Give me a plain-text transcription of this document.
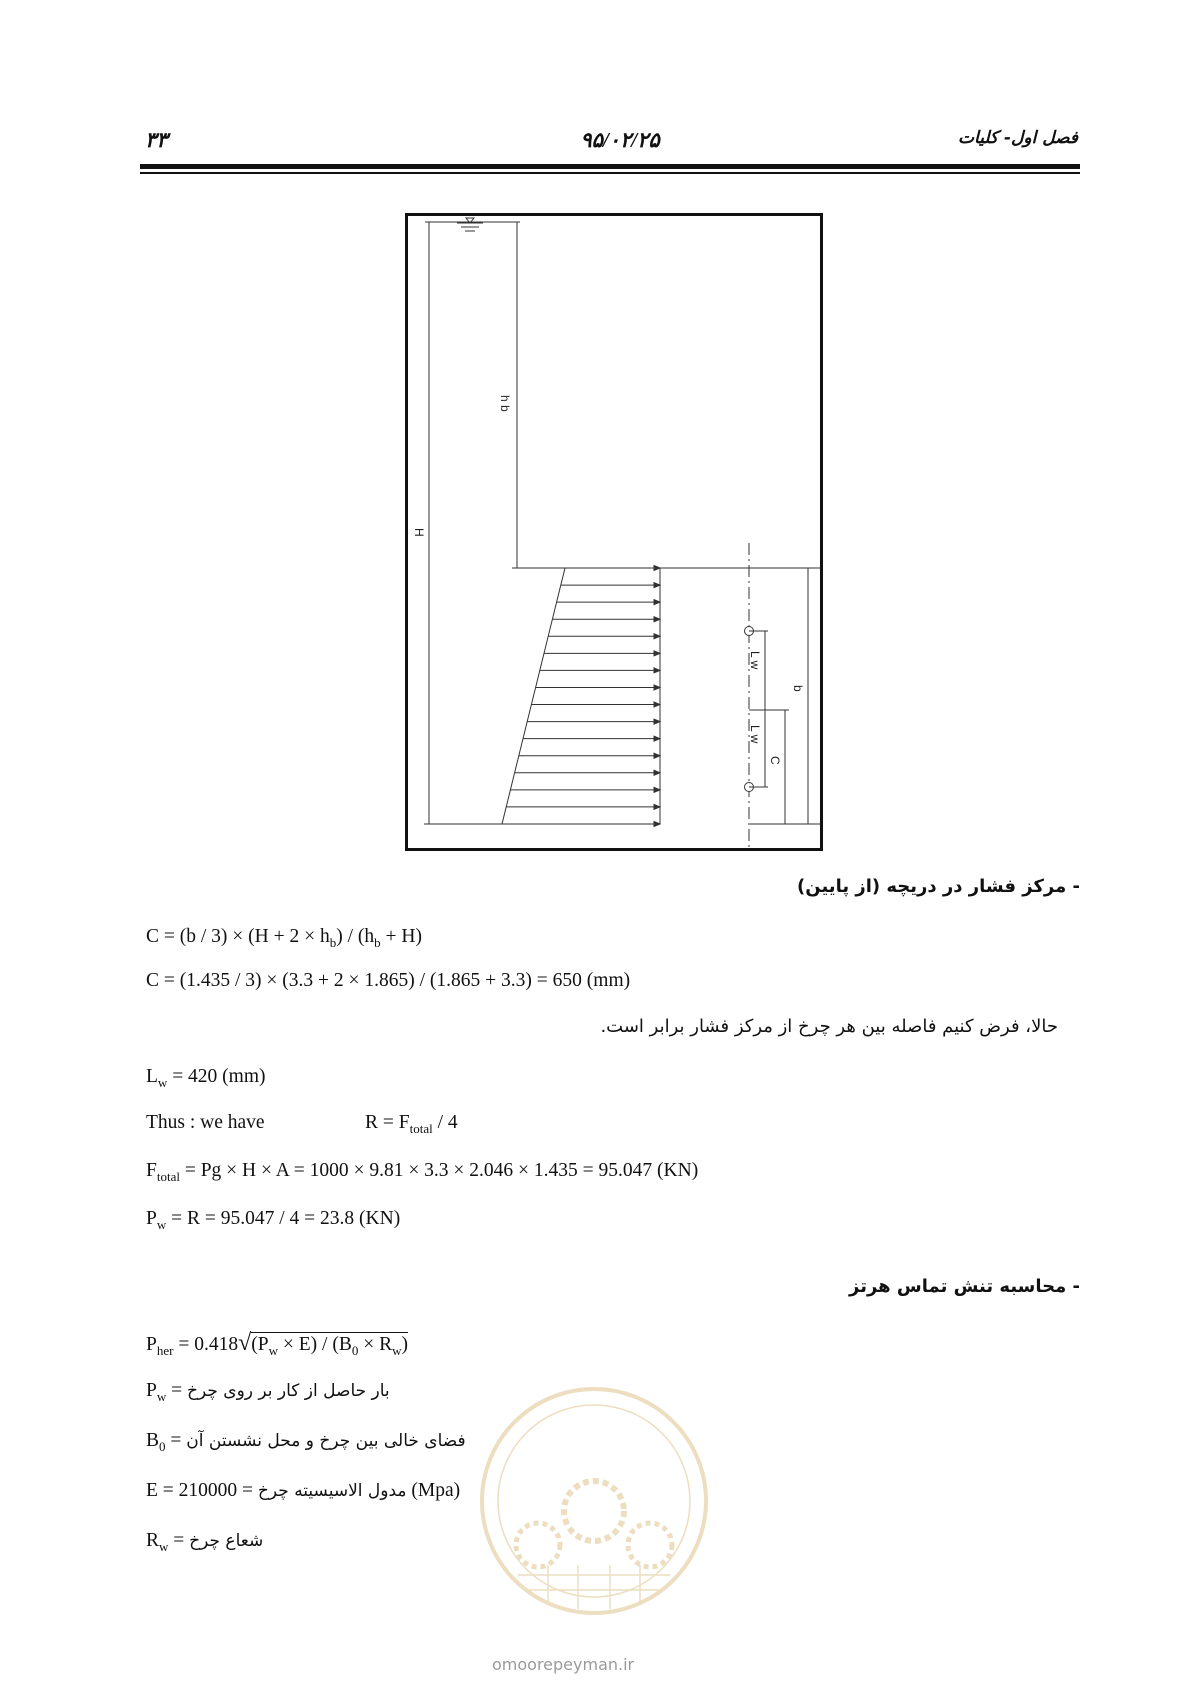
۳۳	۹۵/۰۲/۲۵	فصل اول- کلیات
h b
H
L w
L w
C
b
- مرکز فشار در دریچه (از پایین)
$C = (b / 3) \times (H + 2 \times h_b) / (h_b + H)$
C = (1.435 / 3) × (3.3 + 2 × 1.865) / (1.865 + 3.3) = 650 (mm)
حالا، فرض کنیم فاصله بین هر چرخ از مرکز فشار برابر است.
$L_w = 420$ (mm)
Thus : we have	$R = F_{total} / 4$
$F_{total} = Pg \times H \times A = 1000 \times 9.81 \times 3.3 \times 2.046 \times 1.435 = 95.047$ (KN)
$P_w = R = 95.047 / 4 = 23.8$ (KN)
- محاسبه تنش تماس هرتز
$P_{her} = 0.418√(P_w \times E) / (B_0 \times R_w)$
$P_w$ = بار حاصل از کار بر روی چرخ
$B_0$ = فضای خالی بین چرخ و محل نشستن آن
E =	مدول الاسیسیته چرخ = 210000 (Mpa)
$R_w$ = شعاع چرخ
omoorepeyman.ir
